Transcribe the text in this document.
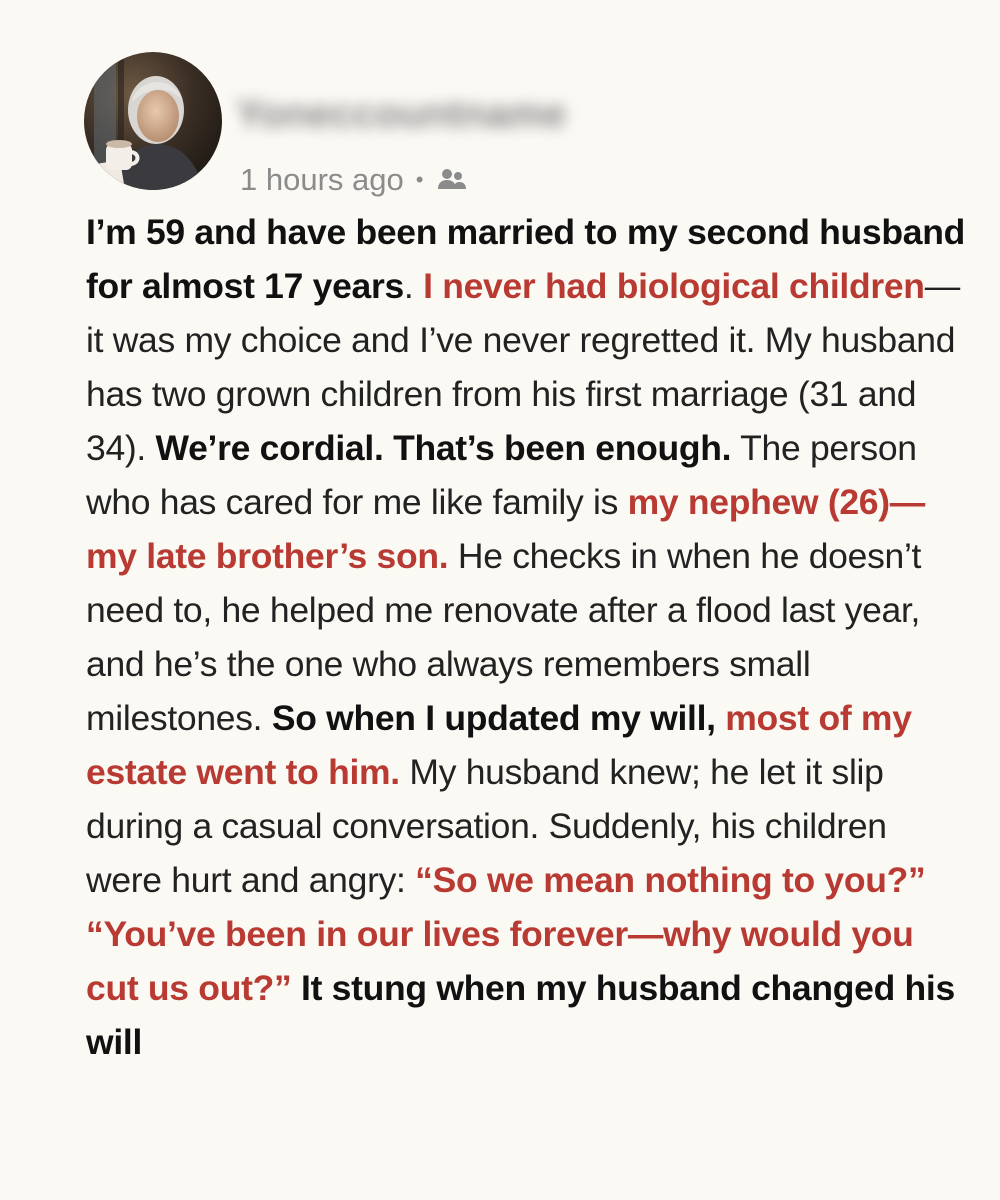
Yoneccountname
1 hours ago •
I’m 59 and have been married to my second husband for almost 17 years. I never had biological children—it was my choice and I’ve never regretted it. My husband has two grown children from his first marriage (31 and 34). We’re cordial. That’s been enough. The person who has cared for me like family is my nephew (26)—my late brother’s son. He checks in when he doesn’t need to, he helped me renovate after a flood last year, and he’s the one who always remembers small milestones. So when I updated my will, most of my estate went to him. My husband knew; he let it slip during a casual conversation. Suddenly, his children were hurt and angry: “So we mean nothing to you?” “You’ve been in our lives forever—why would you cut us out?” It stung when my husband changed his will
